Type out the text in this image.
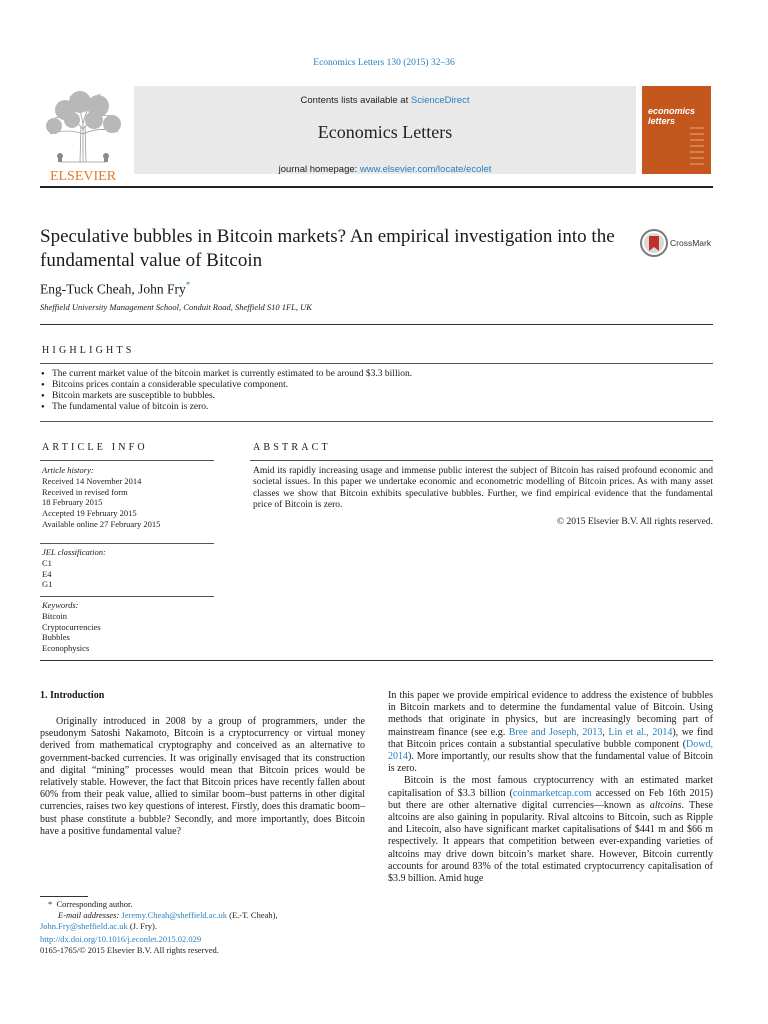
Economics Letters 130 (2015) 32–36
ELSEVIER
Contents lists available at ScienceDirect
Economics Letters
journal homepage: www.elsevier.com/locate/ecolet
economics
letters
Speculative bubbles in Bitcoin markets? An empirical investigation into the fundamental value of Bitcoin
CrossMark
Eng-Tuck Cheah, John Fry*
Sheffield University Management School, Conduit Road, Sheffield S10 1FL, UK
HIGHLIGHTS
● The current market value of the bitcoin market is currently estimated to be around $3.3 billion.
● Bitcoins prices contain a considerable speculative component.
● Bitcoin markets are susceptible to bubbles.
● The fundamental value of bitcoin is zero.
ARTICLE INFO
Article history:
Received 14 November 2014
Received in revised form
18 February 2015
Accepted 19 February 2015
Available online 27 February 2015
JEL classification:
C1
E4
G1
Keywords:
Bitcoin
Cryptocurrencies
Bubbles
Econophysics
ABSTRACT
Amid its rapidly increasing usage and immense public interest the subject of Bitcoin has raised profound economic and societal issues. In this paper we undertake economic and econometric modelling of Bitcoin prices. As with many asset classes we show that Bitcoin exhibits speculative bubbles. Further, we find empirical evidence that the fundamental price of Bitcoin is zero.
© 2015 Elsevier B.V. All rights reserved.
1. Introduction

Originally introduced in 2008 by a group of programmers, under the pseudonym Satoshi Nakamoto, Bitcoin is a cryptocurrency or virtual money derived from mathematical cryptography and conceived as an alternative to government-backed currencies. It was originally envisaged that its construction and digital “mining” processes would mean that Bitcoin prices would be relatively stable. However, the fact that Bitcoin prices have recently fallen about 60% from their peak value, allied to similar boom–bust patterns in other digital currencies, raises two key questions of interest. Firstly, does this dramatic boom–bust phase constitute a bubble? Secondly, and more importantly, does Bitcoin have a positive fundamental value?

In this paper we provide empirical evidence to address the existence of bubbles in Bitcoin markets and to determine the fundamental value of Bitcoin. Using methods that originate in physics, but are increasingly becoming part of mainstream finance (see e.g. Bree and Joseph, 2013, Lin et al., 2014), we find that Bitcoin prices contain a substantial speculative bubble component (Dowd, 2014). More importantly, our results show that the fundamental value of Bitcoin is zero.

Bitcoin is the most famous cryptocurrency with an estimated market capitalisation of $3.3 billion (coinmarketcap.com accessed on Feb 16th 2015) but there are other alternative digital currencies—known as altcoins. These altcoins are also gaining in popularity. Rival altcoins to Bitcoin, such as Ripple and Litecoin, also have significant market capitalisations of $441 m and $66 m respectively. It appears that competition between ever-expanding varieties of altcoins may drive down bitcoin’s market share. However, Bitcoin currently accounts for around 83% of the total estimated cryptocurrency capitalisation of $3.9 billion. Amid huge

* Corresponding author.
E-mail addresses: Jeremy.Cheah@sheffield.ac.uk (E.-T. Cheah),
John.Fry@sheffield.ac.uk (J. Fry).
http://dx.doi.org/10.1016/j.econlet.2015.02.029
0165-1765/© 2015 Elsevier B.V. All rights reserved.
